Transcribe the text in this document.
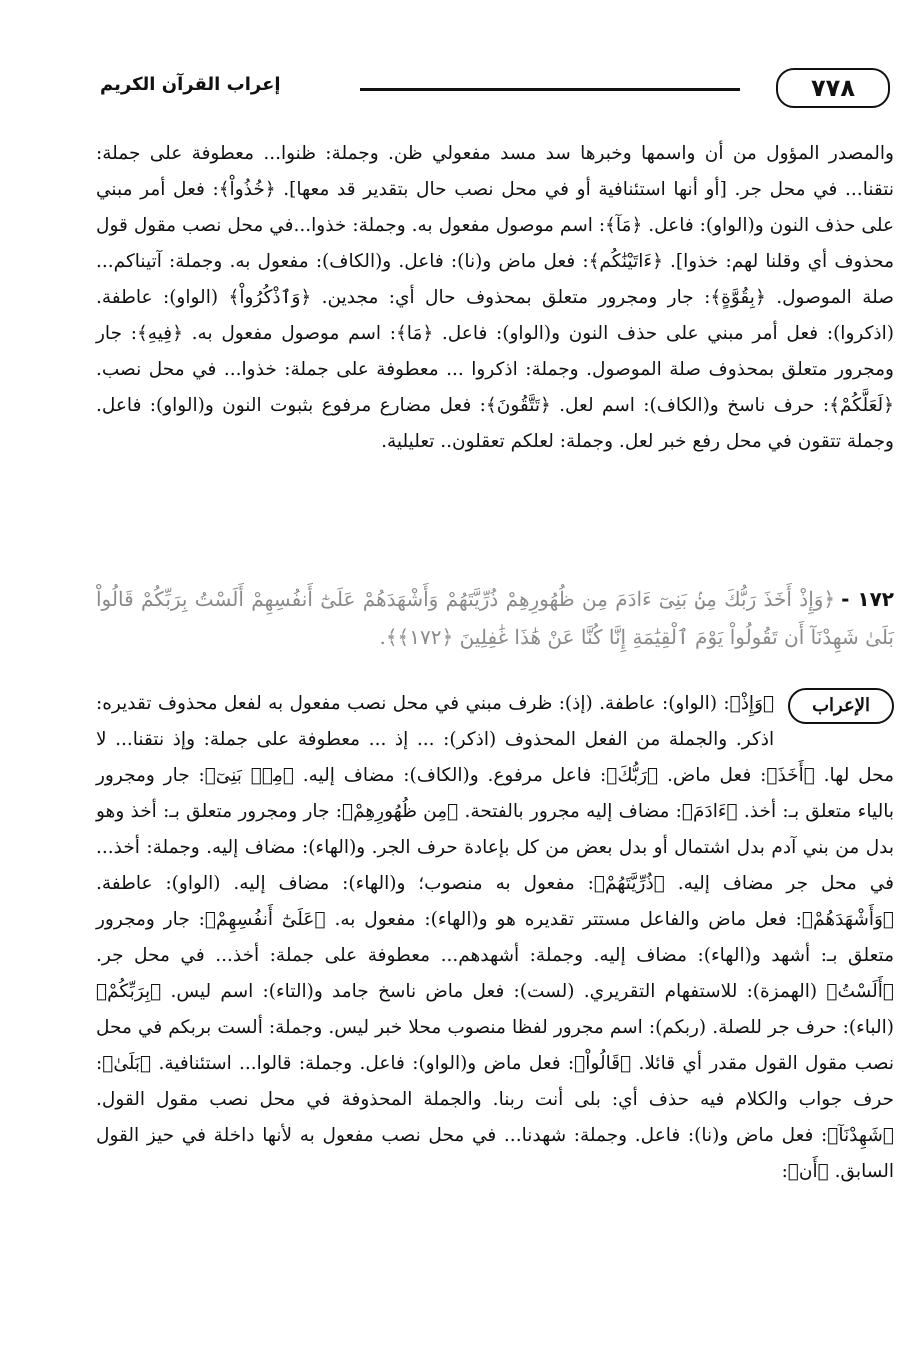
٧٧٨
إعراب القرآن الكريم

والمصدر المؤول من أن واسمها وخبرها سد مسد مفعولي ظن. وجملة: ظنوا... معطوفة على جملة: نتقنا... في محل جر. [أو أنها استئنافية أو في محل نصب حال بتقدير قد معها]. ﴿خُذُواْ﴾: فعل أمر مبني على حذف النون و(الواو): فاعل. ﴿مَآ﴾: اسم موصول مفعول به. وجملة: خذوا...في محل نصب مقول قول محذوف أي وقلنا لهم: خذوا]. ﴿ءَاتَيْنَٰكُم﴾: فعل ماض و(نا): فاعل. و(الكاف): مفعول به. وجملة: آتيناكم... صلة الموصول. ﴿بِقُوَّةٍ﴾: جار ومجرور متعلق بمحذوف حال أي: مجدين. ﴿وَٱذْكُرُواْ﴾ (الواو): عاطفة. (اذكروا): فعل أمر مبني على حذف النون و(الواو): فاعل. ﴿مَا﴾: اسم موصول مفعول به. ﴿فِيهِ﴾: جار ومجرور متعلق بمحذوف صلة الموصول. وجملة: اذكروا ... معطوفة على جملة: خذوا... في محل نصب. ﴿لَعَلَّكُمْ﴾: حرف ناسخ و(الكاف): اسم لعل. ﴿تَتَّقُونَ﴾: فعل مضارع مرفوع بثبوت النون و(الواو): فاعل. وجملة تتقون في محل رفع خبر لعل. وجملة: لعلكم تعقلون.. تعليلية.

١٧٢ -﴿وَإِذْ أَخَذَ رَبُّكَ مِنۢ بَنِىٓ ءَادَمَ مِن ظُهُورِهِمْ ذُرِّيَّتَهُمْ وَأَشْهَدَهُمْ عَلَىٰٓ أَنفُسِهِمْ أَلَسْتُ بِرَبِّكُمْ قَالُواْ بَلَىٰ شَهِدْنَآ أَن تَقُولُواْ يَوْمَ ٱلْقِيَٰمَةِ إِنَّا كُنَّا عَنْ هَٰذَا غَٰفِلِينَ ﴿١٧٢﴾﴾.

الإعراب

﴿وَإِذْ﴾: (الواو): عاطفة. (إذ): ظرف مبني في محل نصب مفعول به لفعل محذوف تقديره: اذكر. والجملة من الفعل المحذوف (اذكر): ... إذ ... معطوفة على جملة: وإذ نتقنا... لا محل لها. ﴿أَخَذَ﴾: فعل ماض. ﴿رَبُّكَ﴾: فاعل مرفوع. و(الكاف): مضاف إليه. ﴿مِنۢ بَنِىٓ﴾: جار ومجرور بالياء متعلق بـ: أخذ. ﴿ءَادَمَ﴾: مضاف إليه مجرور بالفتحة. ﴿مِن ظُهُورِهِمْ﴾: جار ومجرور متعلق بـ: أخذ وهو بدل من بني آدم بدل اشتمال أو بدل بعض من كل بإعادة حرف الجر. و(الهاء): مضاف إليه. وجملة: أخذ... في محل جر مضاف إليه. ﴿ذُرِّيَّتَهُمْ﴾: مفعول به منصوب؛ و(الهاء): مضاف إليه. (الواو): عاطفة. ﴿وَأَشْهَدَهُمْ﴾: فعل ماض والفاعل مستتر تقديره هو و(الهاء): مفعول به. ﴿عَلَىٰٓ أَنفُسِهِمْ﴾: جار ومجرور متعلق بـ: أشهد و(الهاء): مضاف إليه. وجملة: أشهدهم... معطوفة على جملة: أخذ... في محل جر. ﴿أَلَسْتُ﴾ (الهمزة): للاستفهام التقريري. (لست): فعل ماض ناسخ جامد و(التاء): اسم ليس. ﴿بِرَبِّكُمْ﴾ (الباء): حرف جر للصلة. (ربكم): اسم مجرور لفظا منصوب محلا خبر ليس. وجملة: ألست بربكم في محل نصب مقول القول مقدر أي قائلا. ﴿قَالُواْ﴾: فعل ماض و(الواو): فاعل. وجملة: قالوا... استئنافية. ﴿بَلَىٰ﴾: حرف جواب والكلام فيه حذف أي: بلى أنت ربنا. والجملة المحذوفة في محل نصب مقول القول. ﴿شَهِدْنَآ﴾: فعل ماض و(نا): فاعل. وجملة: شهدنا... في محل نصب مفعول به لأنها داخلة في حيز القول السابق. ﴿أَن﴾:
